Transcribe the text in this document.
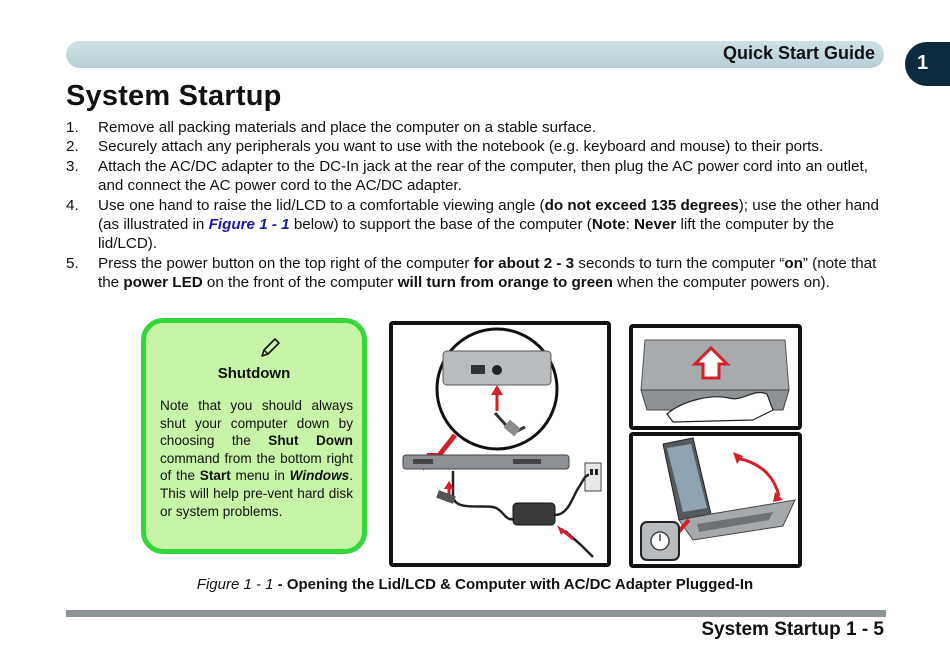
Quick Start Guide 1
System Startup
1. Remove all packing materials and place the computer on a stable surface.
2. Securely attach any peripherals you want to use with the notebook (e.g. keyboard and mouse) to their ports.
3. Attach the AC/DC adapter to the DC-In jack at the rear of the computer, then plug the AC power cord into an outlet, and connect the AC power cord to the AC/DC adapter.
4. Use one hand to raise the lid/LCD to a comfortable viewing angle (do not exceed 135 degrees); use the other hand (as illustrated in Figure 1 - 1 below) to support the base of the computer (Note: Never lift the computer by the lid/LCD).
5. Press the power button on the top right of the computer for about 2 - 3 seconds to turn the computer “on” (note that the power LED on the front of the computer will turn from orange to green when the computer powers on).
Shutdown
Note that you should always shut your computer down by choosing the Shut Down command from the bottom right of the Start menu in Windows. This will help pre-vent hard disk or system problems.
Figure 1 - 1 - Opening the Lid/LCD & Computer with AC/DC Adapter Plugged-In
System Startup 1 - 5
